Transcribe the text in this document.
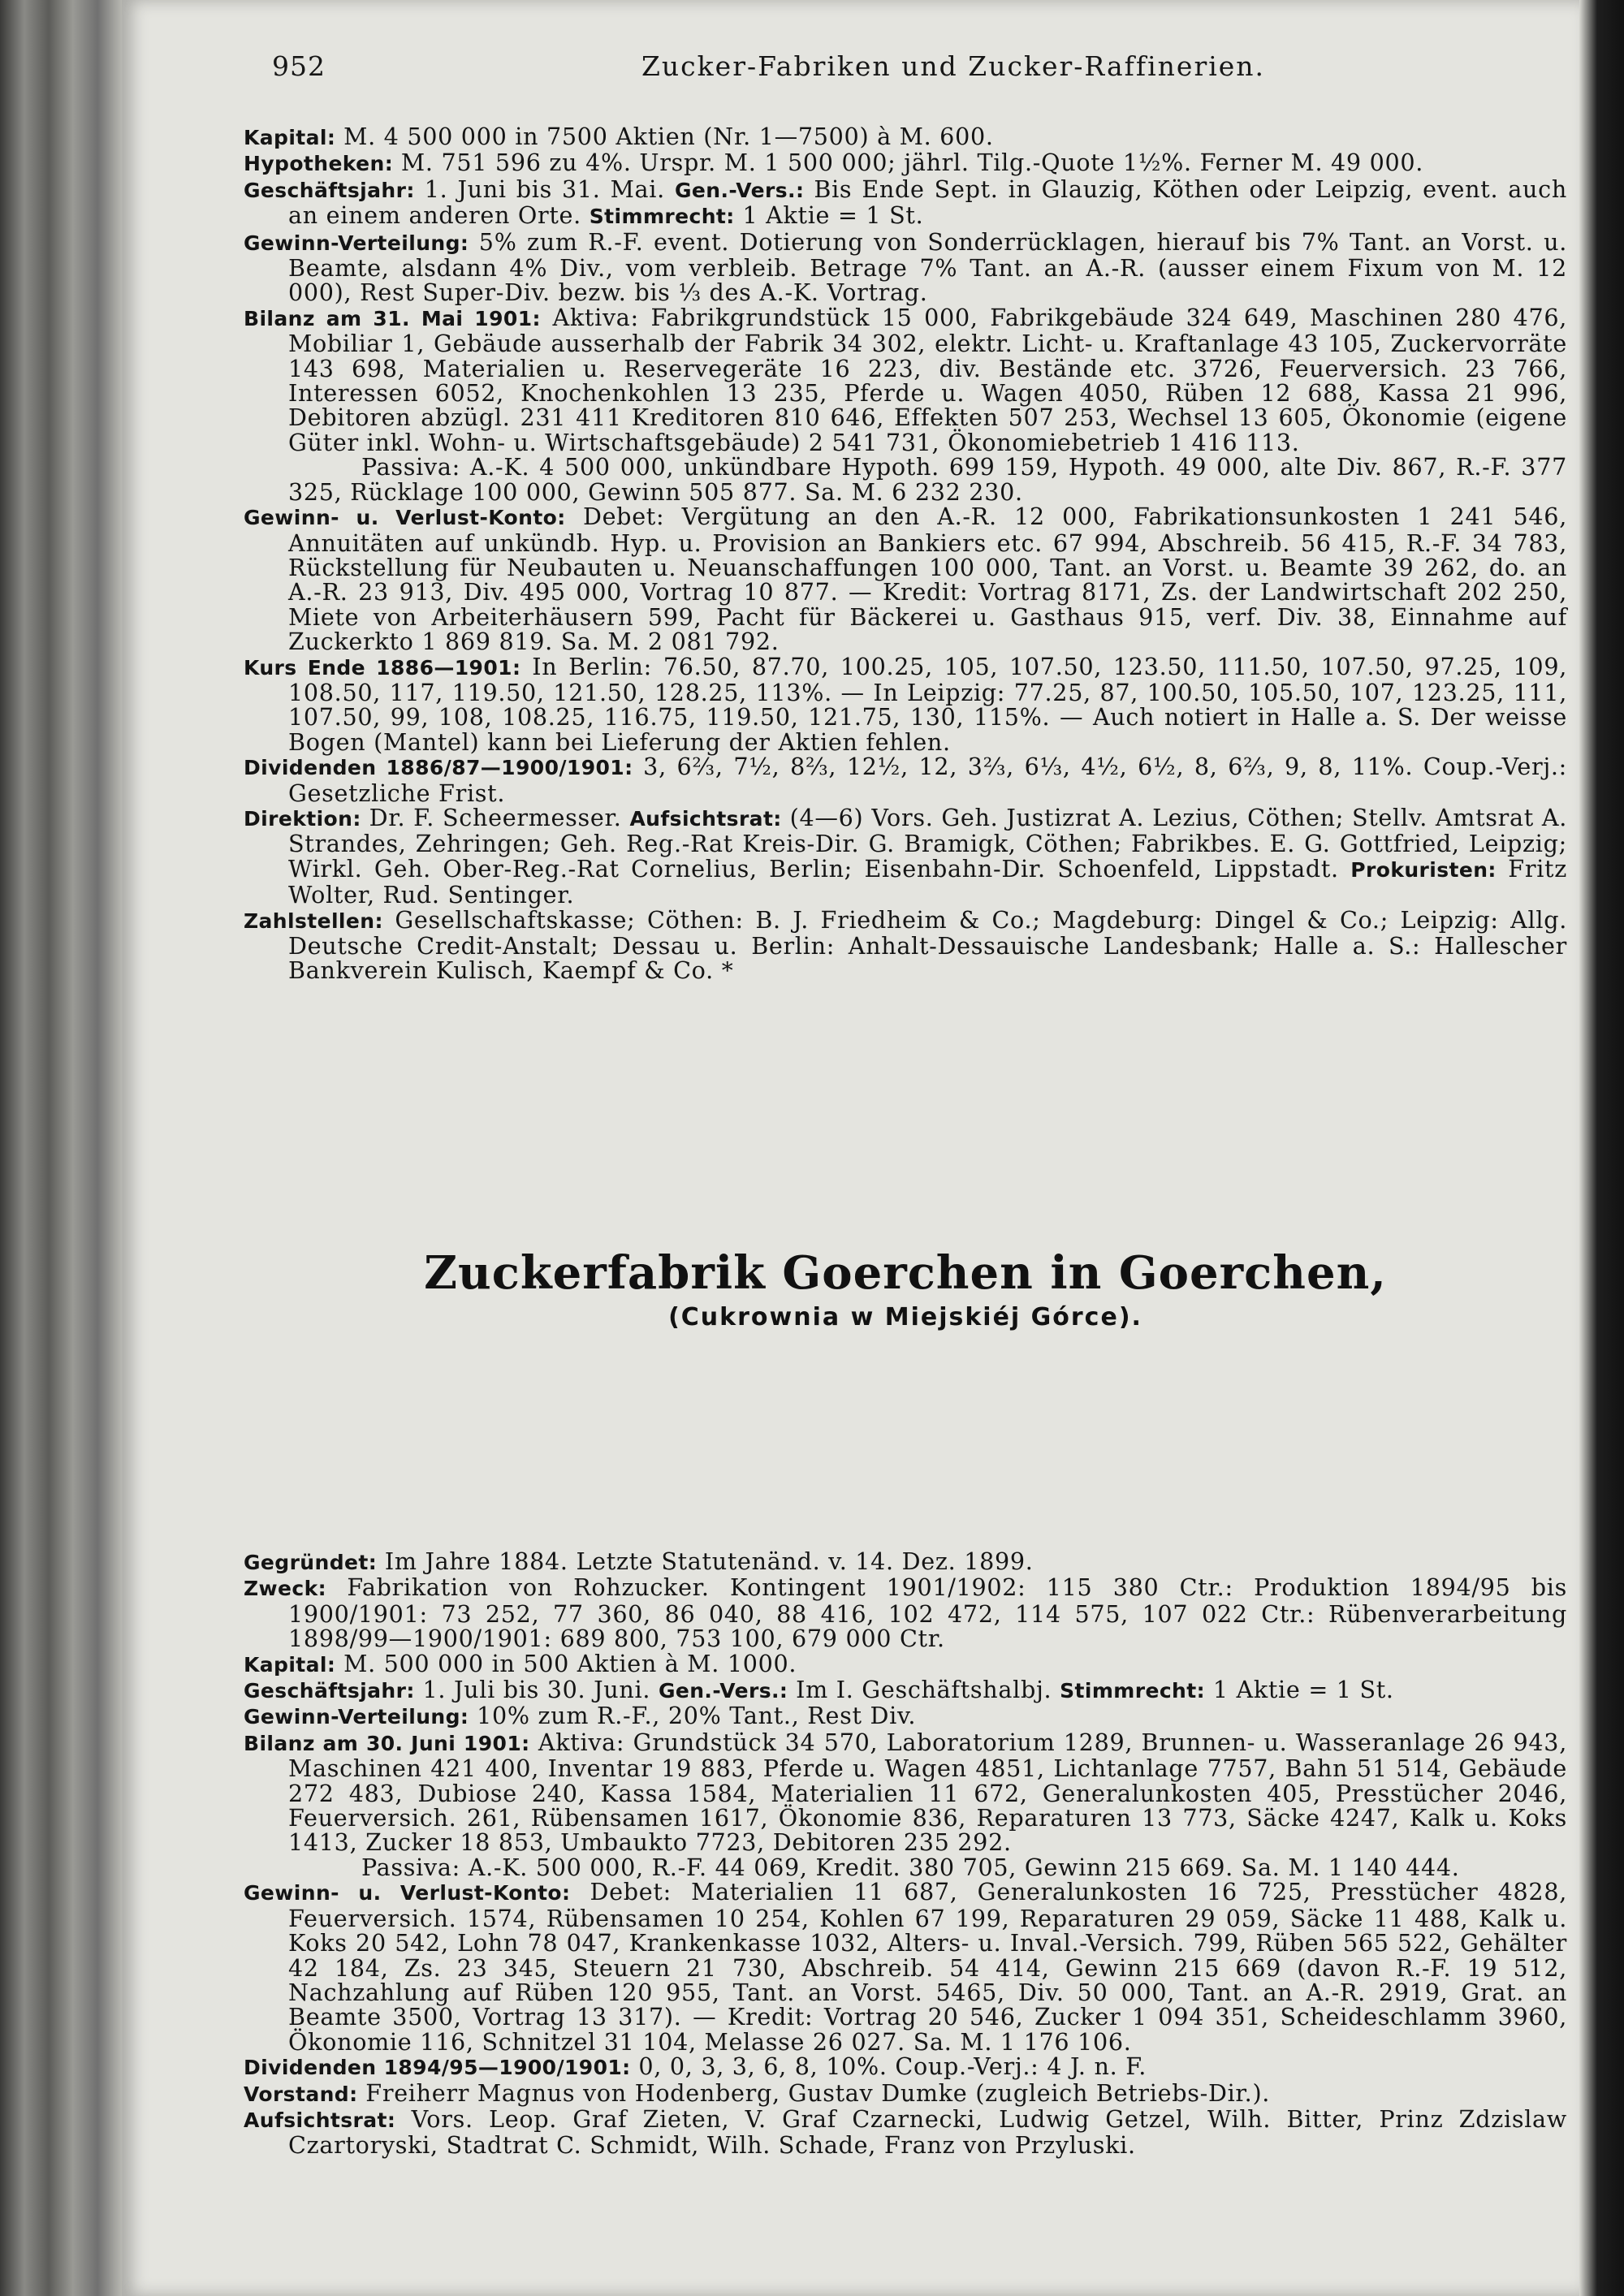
952	Zucker-Fabriken und Zucker-Raffinerien.
Kapital: M. 4 500 000 in 7500 Aktien (Nr. 1—7500) à M. 600.
Hypotheken: M. 751 596 zu 4%. Urspr. M. 1 500 000; jährl. Tilg.-Quote 1½%. Ferner M. 49 000.
Geschäftsjahr: 1. Juni bis 31. Mai. Gen.-Vers.: Bis Ende Sept. in Glauzig, Köthen oder Leipzig, event. auch an einem anderen Orte. Stimmrecht: 1 Aktie = 1 St.
Gewinn-Verteilung: 5% zum R.-F. event. Dotierung von Sonderrücklagen, hierauf bis 7% Tant. an Vorst. u. Beamte, alsdann 4% Div., vom verbleib. Betrage 7% Tant. an A.-R. (ausser einem Fixum von M. 12 000), Rest Super-Div. bezw. bis ⅓ des A.-K. Vortrag.
Bilanz am 31. Mai 1901: Aktiva: Fabrikgrundstück 15 000, Fabrikgebäude 324 649, Maschinen 280 476, Mobiliar 1, Gebäude ausserhalb der Fabrik 34 302, elektr. Licht- u. Kraftanlage 43 105, Zuckervorräte 143 698, Materialien u. Reservegeräte 16 223, div. Bestände etc. 3726, Feuerversich. 23 766, Interessen 6052, Knochenkohlen 13 235, Pferde u. Wagen 4050, Rüben 12 688, Kassa 21 996, Debitoren abzügl. 231 411 Kreditoren 810 646, Effekten 507 253, Wechsel 13 605, Ökonomie (eigene Güter inkl. Wohn- u. Wirtschaftsgebäude) 2 541 731, Ökonomiebetrieb 1 416 113.
Passiva: A.-K. 4 500 000, unkündbare Hypoth. 699 159, Hypoth. 49 000, alte Div. 867, R.-F. 377 325, Rücklage 100 000, Gewinn 505 877. Sa. M. 6 232 230.
Gewinn- u. Verlust-Konto: Debet: Vergütung an den A.-R. 12 000, Fabrikationsunkosten 1 241 546, Annuitäten auf unkündb. Hyp. u. Provision an Bankiers etc. 67 994, Abschreib. 56 415, R.-F. 34 783, Rückstellung für Neubauten u. Neuanschaffungen 100 000, Tant. an Vorst. u. Beamte 39 262, do. an A.-R. 23 913, Div. 495 000, Vortrag 10 877. — Kredit: Vortrag 8171, Zs. der Landwirtschaft 202 250, Miete von Arbeiterhäusern 599, Pacht für Bäckerei u. Gasthaus 915, verf. Div. 38, Einnahme auf Zuckerkto 1 869 819. Sa. M. 2 081 792.
Kurs Ende 1886—1901: In Berlin: 76.50, 87.70, 100.25, 105, 107.50, 123.50, 111.50, 107.50, 97.25, 109, 108.50, 117, 119.50, 121.50, 128.25, 113%. — In Leipzig: 77.25, 87, 100.50, 105.50, 107, 123.25, 111, 107.50, 99, 108, 108.25, 116.75, 119.50, 121.75, 130, 115%. — Auch notiert in Halle a. S. Der weisse Bogen (Mantel) kann bei Lieferung der Aktien fehlen.
Dividenden 1886/87—1900/1901: 3, 6⅔, 7½, 8⅔, 12½, 12, 3⅔, 6⅓, 4½, 6½, 8, 6⅔, 9, 8, 11%. Coup.-Verj.: Gesetzliche Frist.
Direktion: Dr. F. Scheermesser. Aufsichtsrat: (4—6) Vors. Geh. Justizrat A. Lezius, Cöthen; Stellv. Amtsrat A. Strandes, Zehringen; Geh. Reg.-Rat Kreis-Dir. G. Bramigk, Cöthen; Fabrikbes. E. G. Gottfried, Leipzig; Wirkl. Geh. Ober-Reg.-Rat Cornelius, Berlin; Eisenbahn-Dir. Schoenfeld, Lippstadt. Prokuristen: Fritz Wolter, Rud. Sentinger.
Zahlstellen: Gesellschaftskasse; Cöthen: B. J. Friedheim & Co.; Magdeburg: Dingel & Co.; Leipzig: Allg. Deutsche Credit-Anstalt; Dessau u. Berlin: Anhalt-Dessauische Landesbank; Halle a. S.: Hallescher Bankverein Kulisch, Kaempf & Co. *
Zuckerfabrik Goerchen in Goerchen,
(Cukrownia w Miejskiéj Górce).
Gegründet: Im Jahre 1884. Letzte Statutenänd. v. 14. Dez. 1899.
Zweck: Fabrikation von Rohzucker. Kontingent 1901/1902: 115 380 Ctr.: Produktion 1894/95 bis 1900/1901: 73 252, 77 360, 86 040, 88 416, 102 472, 114 575, 107 022 Ctr.: Rübenverarbeitung 1898/99—1900/1901: 689 800, 753 100, 679 000 Ctr.
Kapital: M. 500 000 in 500 Aktien à M. 1000.
Geschäftsjahr: 1. Juli bis 30. Juni. Gen.-Vers.: Im I. Geschäftshalbj. Stimmrecht: 1 Aktie = 1 St.
Gewinn-Verteilung: 10% zum R.-F., 20% Tant., Rest Div.
Bilanz am 30. Juni 1901: Aktiva: Grundstück 34 570, Laboratorium 1289, Brunnen- u. Wasseranlage 26 943, Maschinen 421 400, Inventar 19 883, Pferde u. Wagen 4851, Lichtanlage 7757, Bahn 51 514, Gebäude 272 483, Dubiose 240, Kassa 1584, Materialien 11 672, Generalunkosten 405, Presstücher 2046, Feuerversich. 261, Rübensamen 1617, Ökonomie 836, Reparaturen 13 773, Säcke 4247, Kalk u. Koks 1413, Zucker 18 853, Umbaukto 7723, Debitoren 235 292.
Passiva: A.-K. 500 000, R.-F. 44 069, Kredit. 380 705, Gewinn 215 669. Sa. M. 1 140 444.
Gewinn- u. Verlust-Konto: Debet: Materialien 11 687, Generalunkosten 16 725, Presstücher 4828, Feuerversich. 1574, Rübensamen 10 254, Kohlen 67 199, Reparaturen 29 059, Säcke 11 488, Kalk u. Koks 20 542, Lohn 78 047, Krankenkasse 1032, Alters- u. Inval.-Versich. 799, Rüben 565 522, Gehälter 42 184, Zs. 23 345, Steuern 21 730, Abschreib. 54 414, Gewinn 215 669 (davon R.-F. 19 512, Nachzahlung auf Rüben 120 955, Tant. an Vorst. 5465, Div. 50 000, Tant. an A.-R. 2919, Grat. an Beamte 3500, Vortrag 13 317). — Kredit: Vortrag 20 546, Zucker 1 094 351, Scheideschlamm 3960, Ökonomie 116, Schnitzel 31 104, Melasse 26 027. Sa. M. 1 176 106.
Dividenden 1894/95—1900/1901: 0, 0, 3, 3, 6, 8, 10%. Coup.-Verj.: 4 J. n. F.
Vorstand: Freiherr Magnus von Hodenberg, Gustav Dumke (zugleich Betriebs-Dir.).
Aufsichtsrat: Vors. Leop. Graf Zieten, V. Graf Czarnecki, Ludwig Getzel, Wilh. Bitter, Prinz Zdzislaw Czartoryski, Stadtrat C. Schmidt, Wilh. Schade, Franz von Przyluski.
